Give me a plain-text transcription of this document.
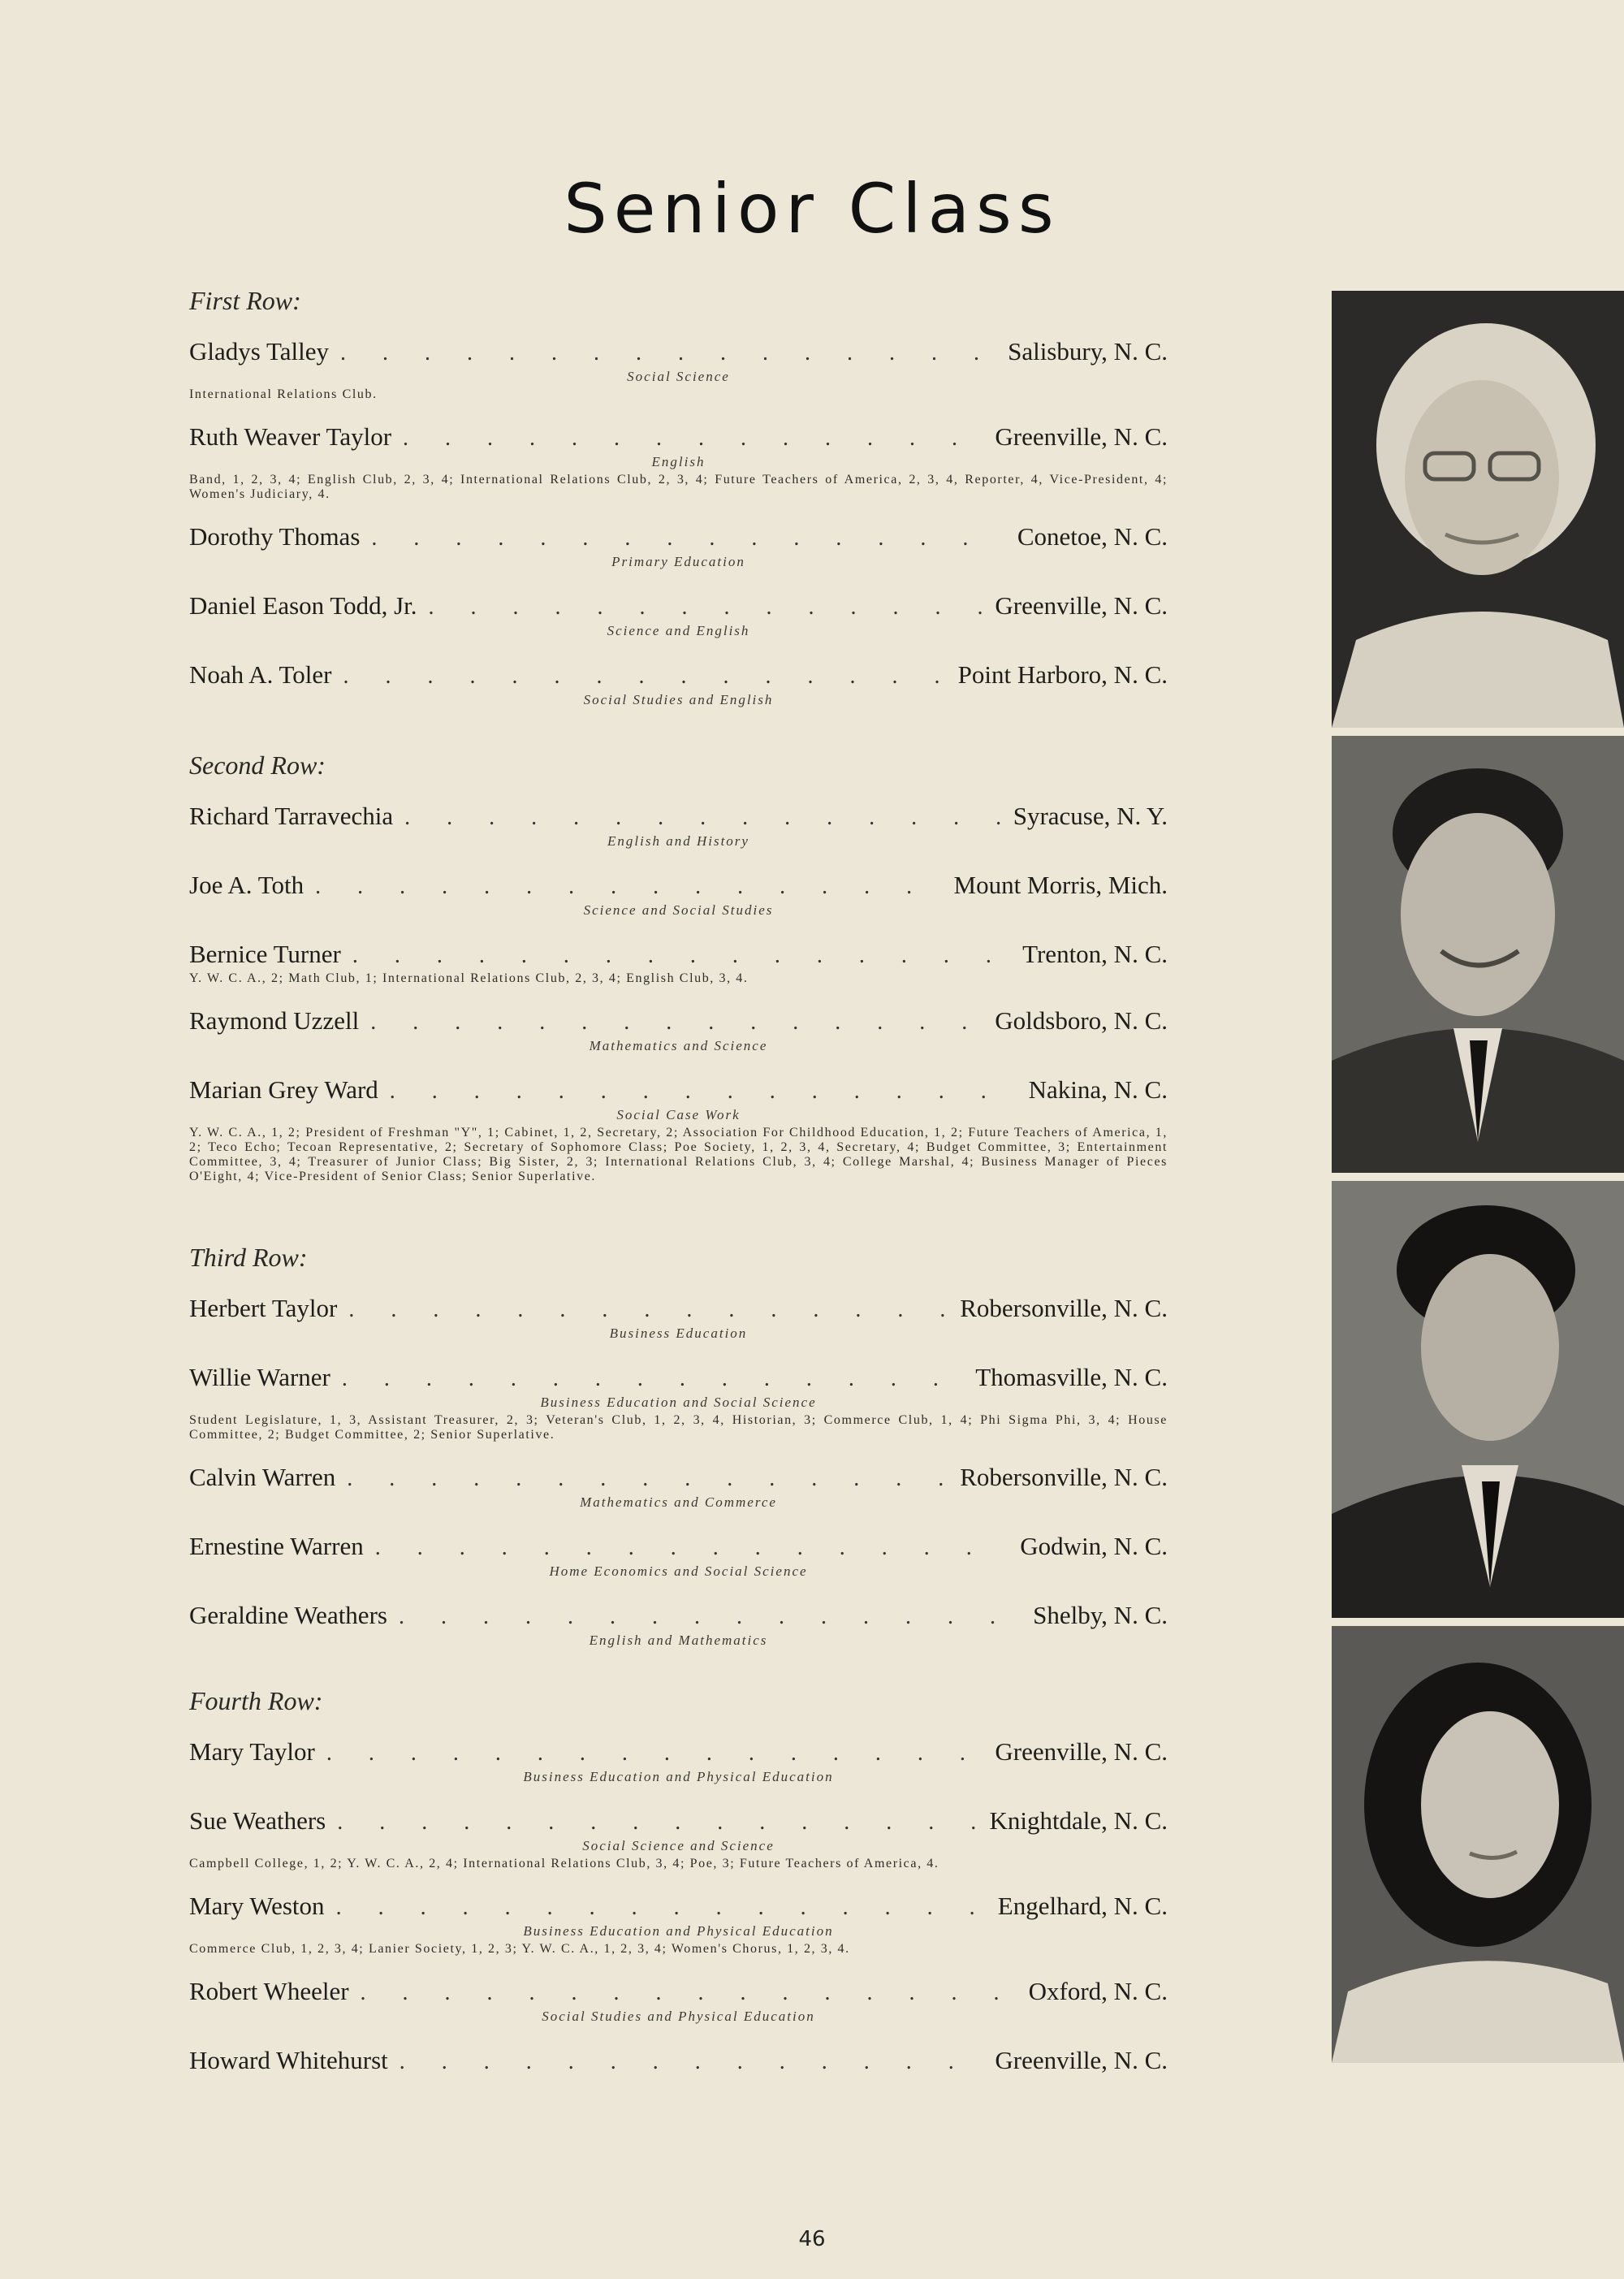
Senior Class
First Row:
Gladys Talley . . .	Salisbury, N. C.
Social Science
International Relations Club.
Ruth Weaver Taylor . . .	Greenville, N. C.
English
Band, 1, 2, 3, 4; English Club, 2, 3, 4; International Relations Club, 2, 3, 4; Future Teachers of America, 2, 3, 4, Reporter, 4, Vice-President, 4; Women's Judiciary, 4.
Dorothy Thomas . . .	Conetoe, N. C.
Primary Education
Daniel Eason Todd, Jr. . . .	Greenville, N. C.
Science and English
Noah A. Toler . . .	Point Harboro, N. C.
Social Studies and English
Second Row:
Richard Tarravechia . . .	Syracuse, N. Y.
English and History
Joe A. Toth . . .	Mount Morris, Mich.
Science and Social Studies
Bernice Turner . . .	Trenton, N. C.
Y. W. C. A., 2; Math Club, 1; International Relations Club, 2, 3, 4; English Club, 3, 4.
Raymond Uzzell . . .	Goldsboro, N. C.
Mathematics and Science
Marian Grey Ward . . .	Nakina, N. C.
Social Case Work
Y. W. C. A., 1, 2; President of Freshman "Y", 1; Cabinet, 1, 2, Secretary, 2; Association For Childhood Education, 1, 2; Future Teachers of America, 1, 2; Teco Echo; Tecoan Representative, 2; Secretary of Sophomore Class; Poe Society, 1, 2, 3, 4, Secretary, 4; Budget Committee, 3; Entertainment Committee, 3, 4; Treasurer of Junior Class; Big Sister, 2, 3; International Relations Club, 3, 4; College Marshal, 4; Business Manager of Pieces O'Eight, 4; Vice-President of Senior Class; Senior Superlative.
Third Row:
Herbert Taylor . . .	Robersonville, N. C.
Business Education
Willie Warner . . .	Thomasville, N. C.
Business Education and Social Science
Student Legislature, 1, 3, Assistant Treasurer, 2, 3; Veteran's Club, 1, 2, 3, 4, Historian, 3; Commerce Club, 1, 4; Phi Sigma Phi, 3, 4; House Committee, 2; Budget Committee, 2; Senior Superlative.
Calvin Warren . . .	Robersonville, N. C.
Mathematics and Commerce
Ernestine Warren . . .	Godwin, N. C.
Home Economics and Social Science
Geraldine Weathers . . .	Shelby, N. C.
English and Mathematics
Fourth Row:
Mary Taylor . . .	Greenville, N. C.
Business Education and Physical Education
Sue Weathers . . .	Knightdale, N. C.
Social Science and Science
Campbell College, 1, 2; Y. W. C. A., 2, 4; International Relations Club, 3, 4; Poe, 3; Future Teachers of America, 4.
Mary Weston . . .	Engelhard, N. C.
Business Education and Physical Education
Commerce Club, 1, 2, 3, 4; Lanier Society, 1, 2, 3; Y. W. C. A., 1, 2, 3, 4; Women's Chorus, 1, 2, 3, 4.
Robert Wheeler . . .	Oxford, N. C.
Social Studies and Physical Education
Howard Whitehurst . . .	Greenville, N. C.
46
